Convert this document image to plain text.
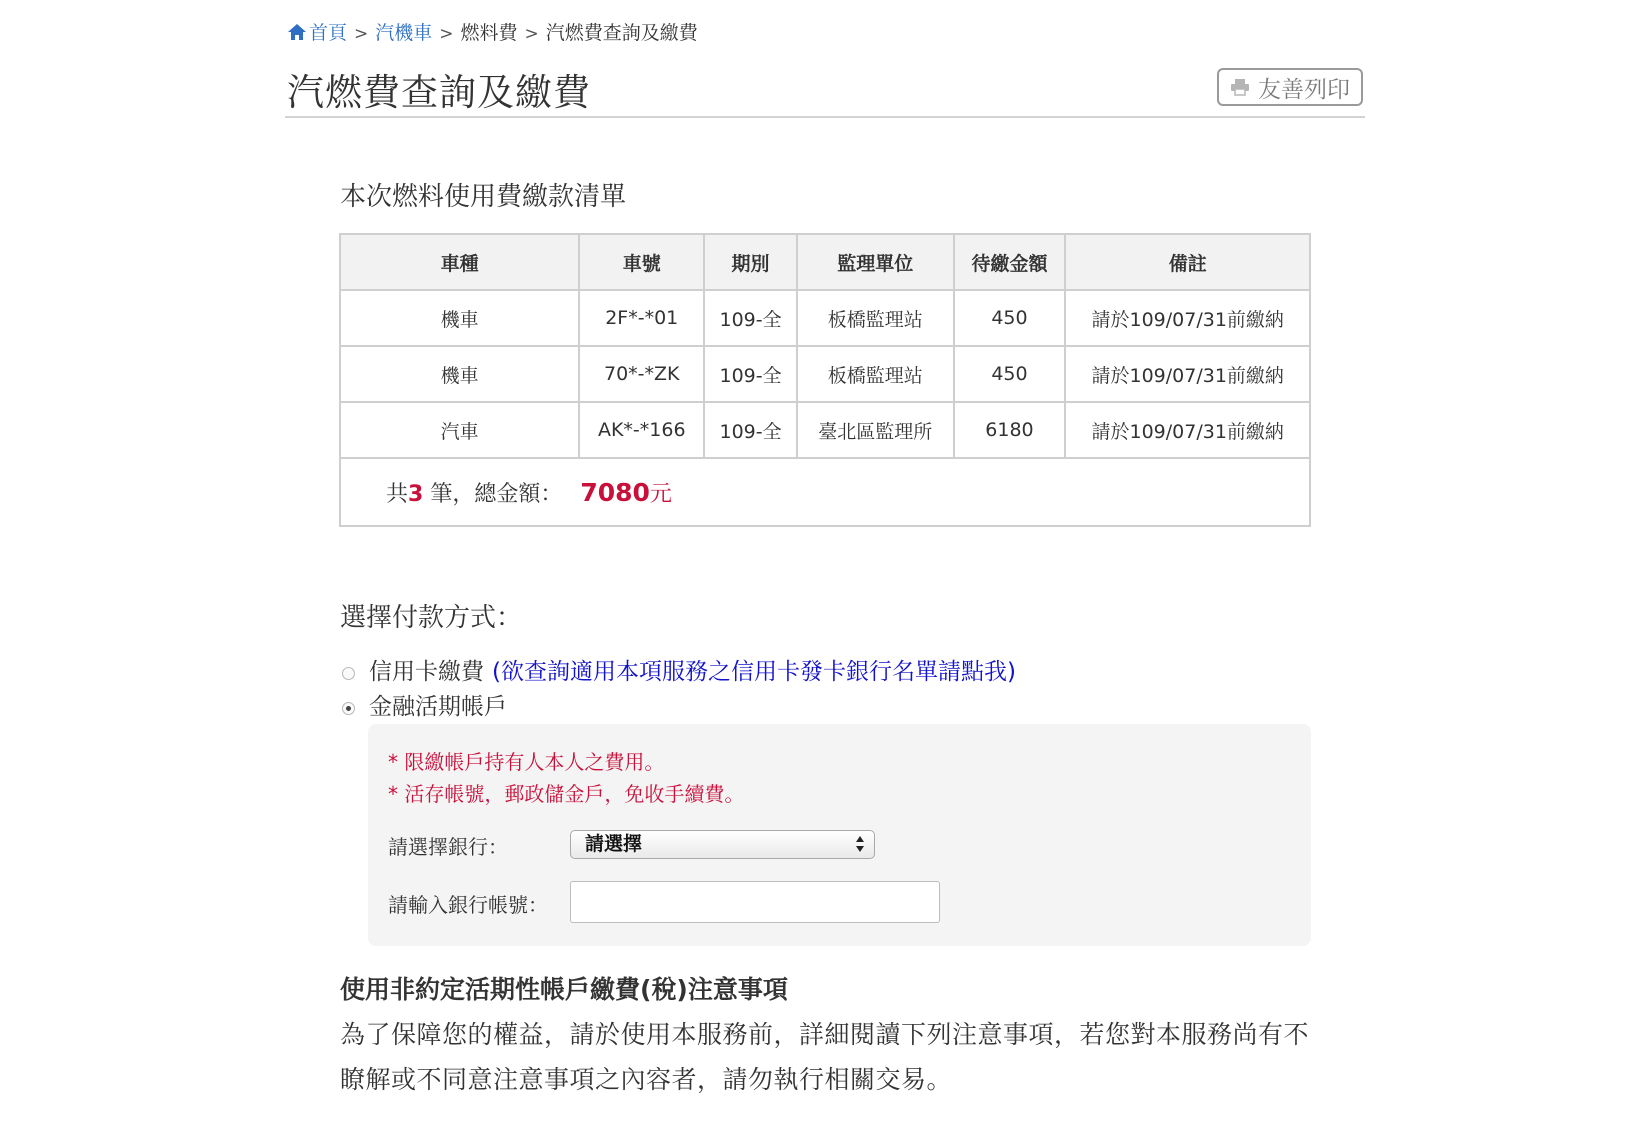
首頁 > 汽機車 > 燃料費 > 汽燃費查詢及繳費
汽燃費查詢及繳費	友善列印
本次燃料使用費繳款清單
車種	車號	期別	監理單位	待繳金額	備註
機車	2F*-*01	109-全	板橋監理站	450	請於109/07/31前繳納
機車	70*-*ZK	109-全	板橋監理站	450	請於109/07/31前繳納
汽車	AK*-*166	109-全	臺北區監理所	6180	請於109/07/31前繳納
共3 筆，總金額： 7080元					
選擇付款方式：
信用卡繳費 (欲查詢適用本項服務之信用卡發卡銀行名單請點我)
金融活期帳戶
* 限繳帳戶持有人本人之費用。
* 活存帳號，郵政儲金戶，免收手續費。
請選擇銀行：	請選擇
請輸入銀行帳號：
使用非約定活期性帳戶繳費(稅)注意事項

為了保障您的權益，請於使用本服務前，詳細閱讀下列注意事項，若您對本服務尚有不瞭解或不同意注意事項之內容者，請勿執行相關交易。
